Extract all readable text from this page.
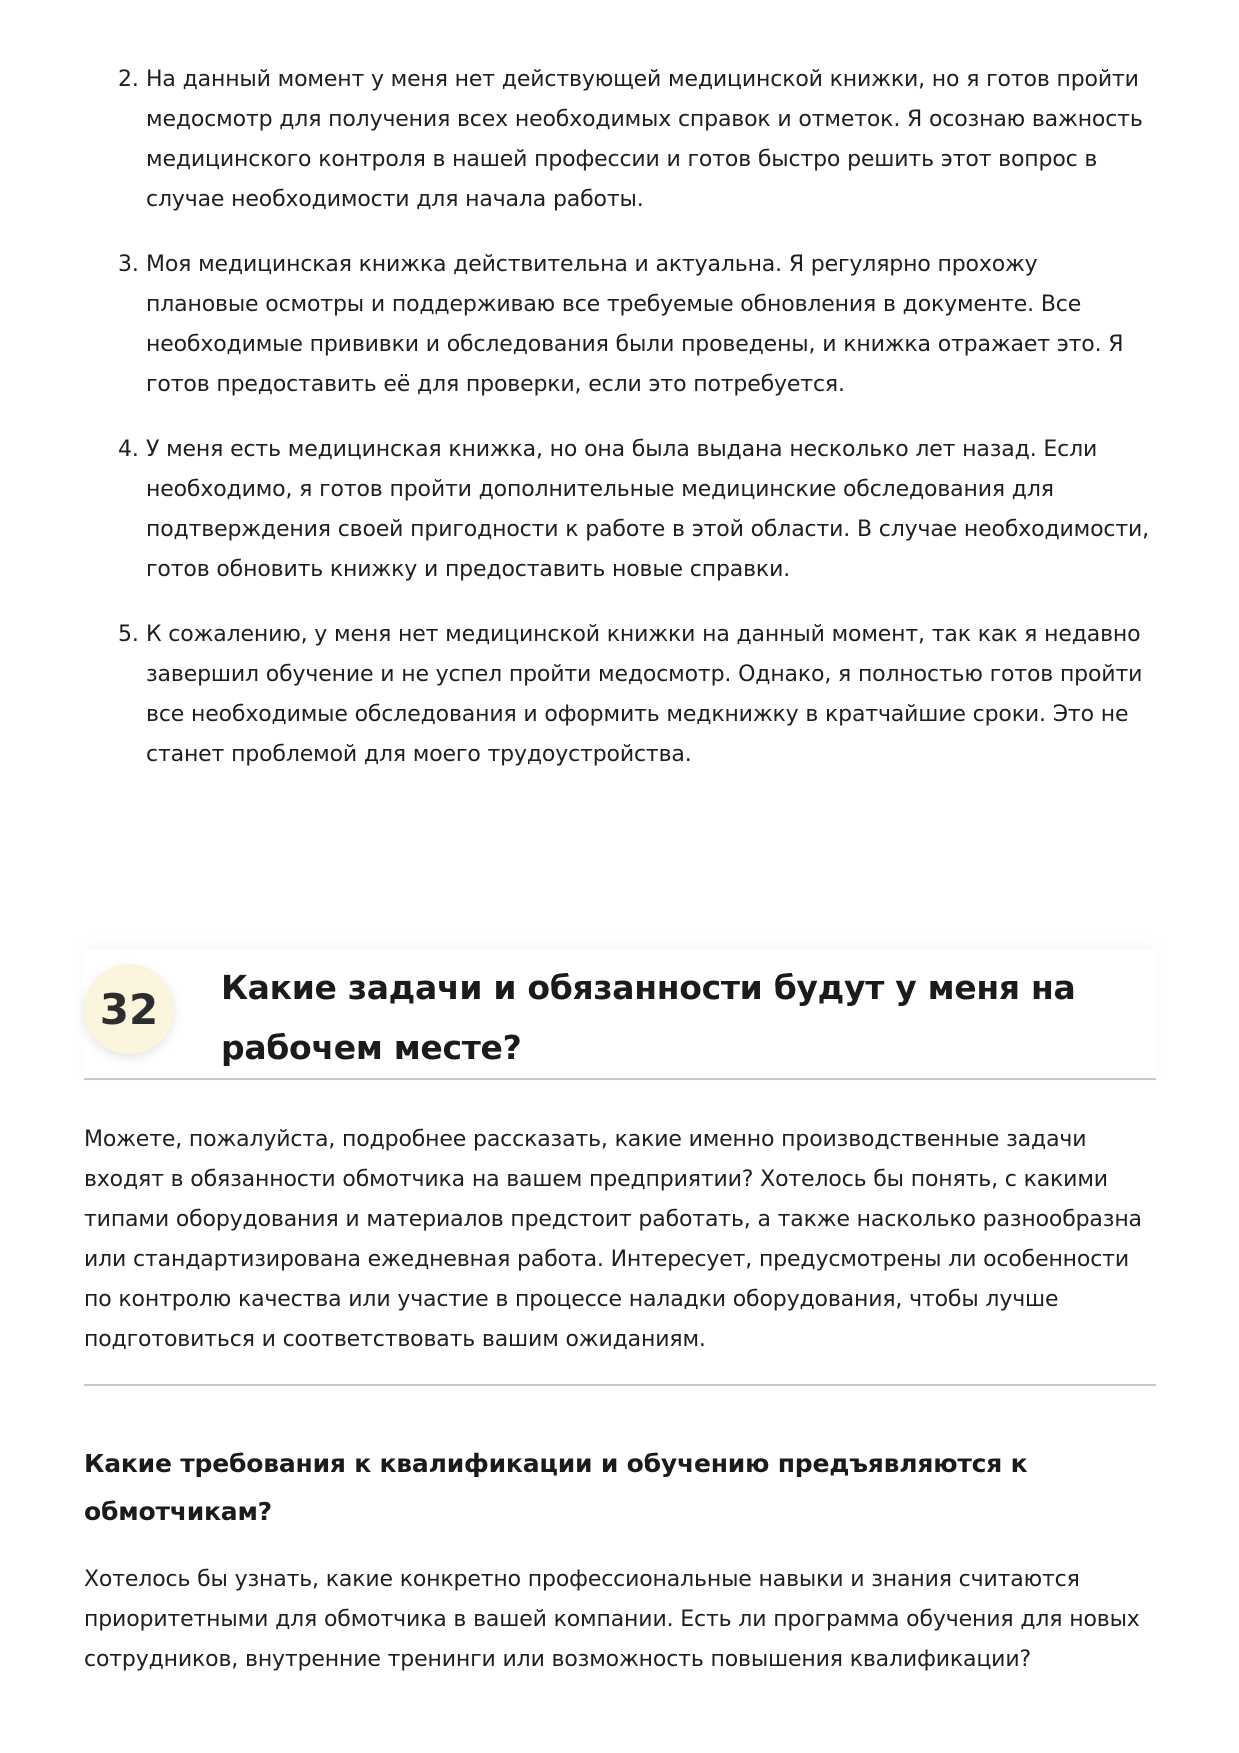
2. На данный момент у меня нет действующей медицинской книжки, но я готов пройти медосмотр для получения всех необходимых справок и отметок. Я осознаю важность медицинского контроля в нашей профессии и готов быстро решить этот вопрос в случае необходимости для начала работы.
3. Моя медицинская книжка действительна и актуальна. Я регулярно прохожу плановые осмотры и поддерживаю все требуемые обновления в документе. Все необходимые прививки и обследования были проведены, и книжка отражает это. Я готов предоставить её для проверки, если это потребуется.
4. У меня есть медицинская книжка, но она была выдана несколько лет назад. Если необходимо, я готов пройти дополнительные медицинские обследования для подтверждения своей пригодности к работе в этой области. В случае необходимости, готов обновить книжку и предоставить новые справки.
5. К сожалению, у меня нет медицинской книжки на данный момент, так как я недавно завершил обучение и не успел пройти медосмотр. Однако, я полностью готов пройти все необходимые обследования и оформить медкнижку в кратчайшие сроки. Это не станет проблемой для моего трудоустройства.
32	Какие задачи и обязанности будут у меня на рабочем месте?

Можете, пожалуйста, подробнее рассказать, какие именно производственные задачи входят в обязанности обмотчика на вашем предприятии? Хотелось бы понять, с какими типами оборудования и материалов предстоит работать, а также насколько разнообразна или стандартизирована ежедневная работа. Интересует, предусмотрены ли особенности по контролю качества или участие в процессе наладки оборудования, чтобы лучше подготовиться и соответствовать вашим ожиданиям.

Какие требования к квалификации и обучению предъявляются к обмотчикам?

Хотелось бы узнать, какие конкретно профессиональные навыки и знания считаются приоритетными для обмотчика в вашей компании. Есть ли программа обучения для новых сотрудников, внутренние тренинги или возможность повышения квалификации?
